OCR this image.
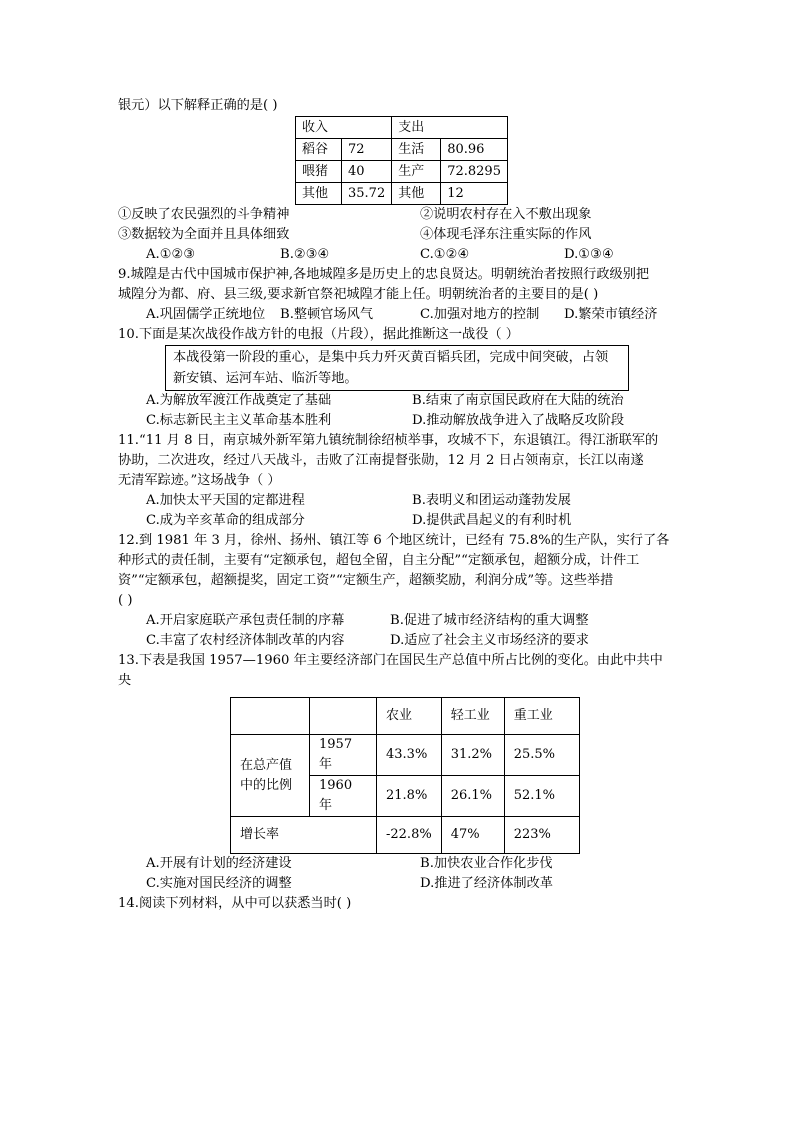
银元）以下解释正确的是( )
收入		支出	
稻谷	72	生活	80.96
喂猪	40	生产	72.8295
其他	35.72	其他	12
①反映了农民强烈的斗争精神	②说明农村存在入不敷出现象
③数据较为全面并且具体细致	④体现毛泽东注重实际的作风
A.①②③	B.②③④	C.①②④	D.①③④
9.城隍是古代中国城市保护神,各地城隍多是历史上的忠良贤达。明朝统治者按照行政级别把
城隍分为都、府、县三级,要求新官祭祀城隍才能上任。明朝统治者的主要目的是( )
A.巩固儒学正统地位	B.整顿官场风气	C.加强对地方的控制	D.繁荣市镇经济
10.下面是某次战役作战方针的电报（片段），据此推断这一战役（ ）
本战役第一阶段的重心，是集中兵力歼灭黄百韬兵团，完成中间突破，占领新安镇、运河车站、临沂等地。
A.为解放军渡江作战奠定了基础	B.结束了南京国民政府在大陆的统治
C.标志新民主主义革命基本胜利	D.推动解放战争进入了战略反攻阶段
11.“11 月 8 日，南京城外新军第九镇统制徐绍桢举事，攻城不下，东退镇江。得江浙联军的
协助，二次进攻，经过八天战斗，击败了江南提督张勋，12 月 2 日占领南京，长江以南遂
无清军踪迹。”这场战争（ ）
A.加快太平天国的定都进程	B.表明义和团运动蓬勃发展
C.成为辛亥革命的组成部分	D.提供武昌起义的有利时机
12.到 1981 年 3 月，徐州、扬州、镇江等 6 个地区统计，已经有 75.8%的生产队，实行了各
种形式的责任制，主要有“定额承包，超包全留，自主分配”“定额承包，超额分成，计件工
资”“定额承包，超额提奖，固定工资”“定额生产，超额奖励，利润分成”等。这些举措
( )
A.开启家庭联产承包责任制的序幕	B.促进了城市经济结构的重大调整
C.丰富了农村经济体制改革的内容	D.适应了社会主义市场经济的要求
13.下表是我国 1957—1960 年主要经济部门在国民生产总值中所占比例的变化。由此中共中
央
		农业	轻工业	重工业
在总产值中的比例	1957 年	43.3%	31.2%	25.5%
	1960 年	21.8%	26.1%	52.1%
增长率		-22.8%	47%	223%
A.开展有计划的经济建设	B.加快农业合作化步伐
C.实施对国民经济的调整	D.推进了经济体制改革
14.阅读下列材料，从中可以获悉当时( )
